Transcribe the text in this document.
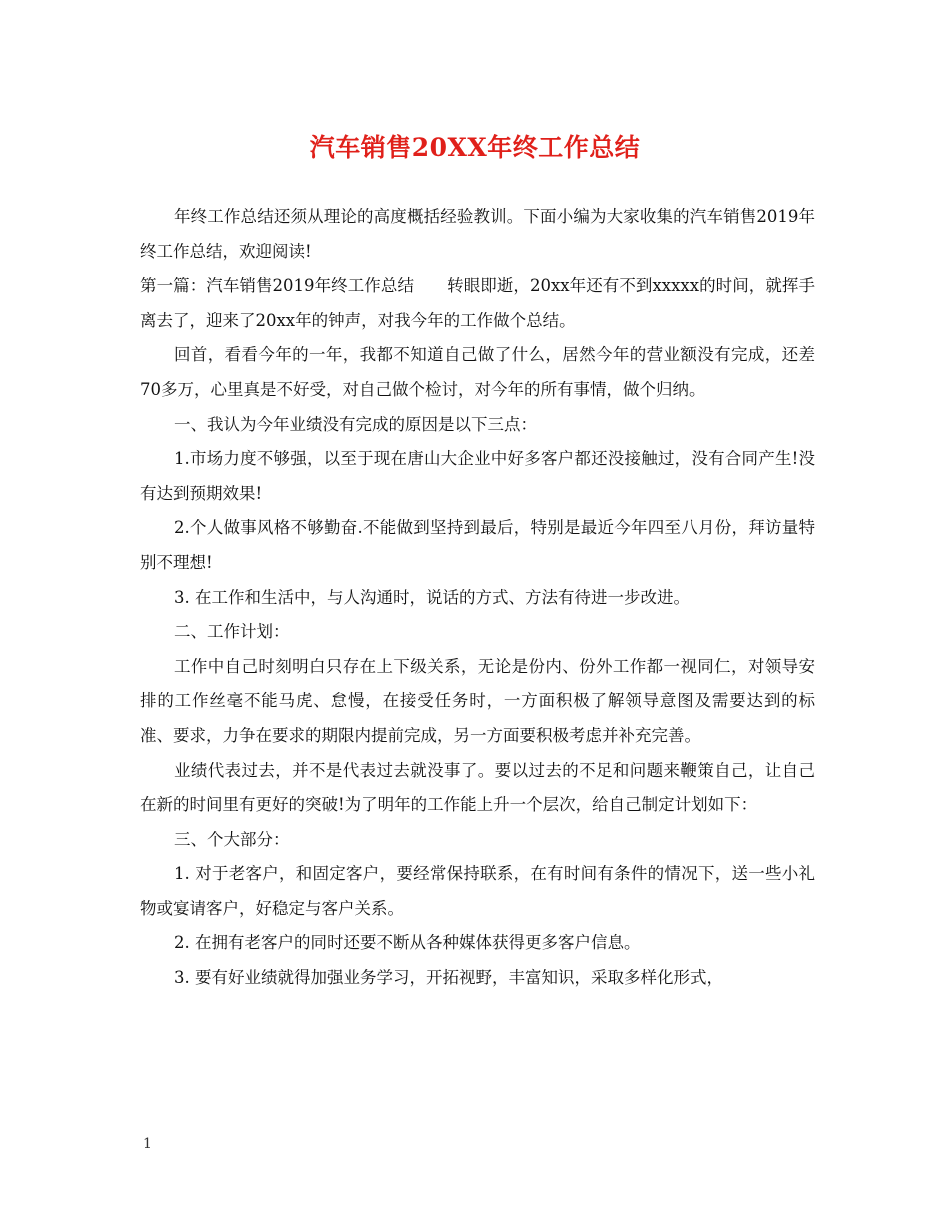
汽车销售20XX年终工作总结

年终工作总结还须从理论的高度概括经验教训。下面小编为大家收集的汽车销售2019年终工作总结，欢迎阅读!

第一篇：汽车销售2019年终工作总结　　转眼即逝，20xx年还有不到xxxxx的时间，就挥手离去了，迎来了20xx年的钟声，对我今年的工作做个总结。

回首，看看今年的一年，我都不知道自己做了什么，居然今年的营业额没有完成，还差70多万，心里真是不好受，对自己做个检讨，对今年的所有事情，做个归纳。

一、我认为今年业绩没有完成的原因是以下三点：

1.市场力度不够强，以至于现在唐山大企业中好多客户都还没接触过，没有合同产生!没有达到预期效果!

2.个人做事风格不够勤奋.不能做到坚持到最后，特别是最近今年四至八月份，拜访量特别不理想!

3. 在工作和生活中，与人沟通时，说话的方式、方法有待进一步改进。

二、工作计划：

工作中自己时刻明白只存在上下级关系，无论是份内、份外工作都一视同仁，对领导安排的工作丝毫不能马虎、怠慢，在接受任务时，一方面积极了解领导意图及需要达到的标准、要求，力争在要求的期限内提前完成，另一方面要积极考虑并补充完善。

业绩代表过去，并不是代表过去就没事了。要以过去的不足和问题来鞭策自己，让自己在新的时间里有更好的突破!为了明年的工作能上升一个层次，给自己制定计划如下：

三、个大部分：

1. 对于老客户，和固定客户，要经常保持联系，在有时间有条件的情况下，送一些小礼物或宴请客户，好稳定与客户关系。

2. 在拥有老客户的同时还要不断从各种媒体获得更多客户信息。

3. 要有好业绩就得加强业务学习，开拓视野，丰富知识，采取多样化形式，

1
